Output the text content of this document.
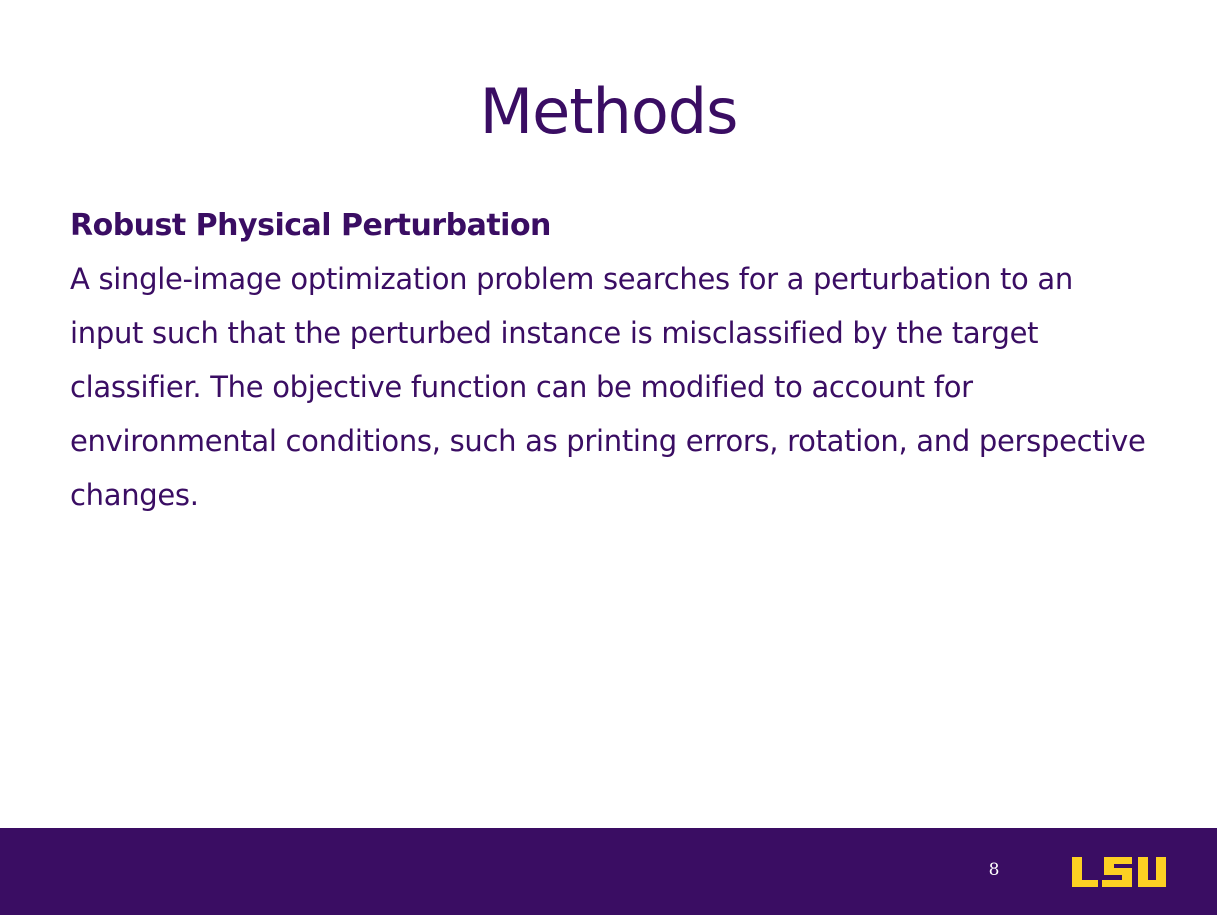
Methods

Robust Physical Perturbation

A single-image optimization problem searches for a perturbation to an input such that the perturbed instance is misclassified by the target classifier. The objective function can be modified to account for environmental conditions, such as printing errors, rotation, and perspective changes.

8
